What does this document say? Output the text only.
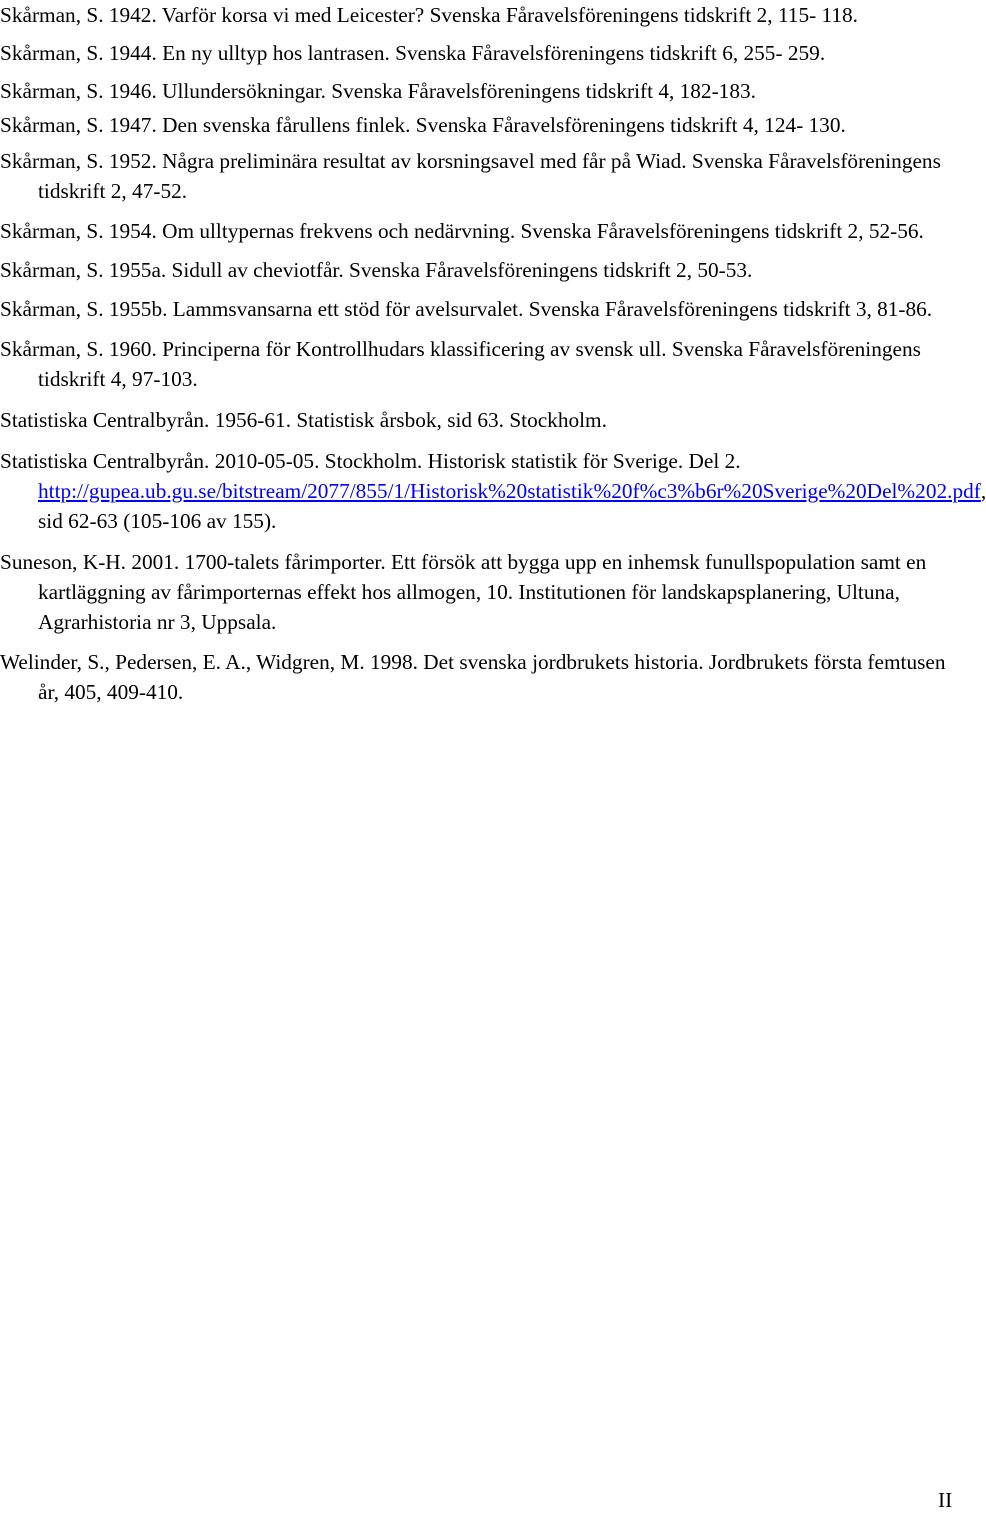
Skårman, S. 1942. Varför korsa vi med Leicester? Svenska Fåravelsföreningens tidskrift 2, 115- 118.
Skårman, S. 1944. En ny ulltyp hos lantrasen. Svenska Fåravelsföreningens tidskrift 6, 255- 259.
Skårman, S. 1946. Ullundersökningar. Svenska Fåravelsföreningens tidskrift 4, 182-183.
Skårman, S. 1947. Den svenska fårullens finlek. Svenska Fåravelsföreningens tidskrift 4, 124- 130.
Skårman, S. 1952. Några preliminära resultat av korsningsavel med får på Wiad. Svenska Fåravelsföreningens tidskrift 2, 47-52.
Skårman, S. 1954. Om ulltypernas frekvens och nedärvning. Svenska Fåravelsföreningens tidskrift 2, 52-56.
Skårman, S. 1955a. Sidull av cheviotfår. Svenska Fåravelsföreningens tidskrift 2, 50-53.
Skårman, S. 1955b. Lammsvansarna ett stöd för avelsurvalet. Svenska Fåravelsföreningens tidskrift 3, 81-86.
Skårman, S. 1960. Principerna för Kontrollhudars klassificering av svensk ull. Svenska Fåravelsföreningens tidskrift 4, 97-103.
Statistiska Centralbyrån. 1956-61. Statistisk årsbok, sid 63. Stockholm.
Statistiska Centralbyrån. 2010-05-05. Stockholm. Historisk statistik för Sverige. Del 2. http://gupea.ub.gu.se/bitstream/2077/855/1/Historisk%20statistik%20f%c3%b6r%20Sverige%20Del%202.pdf, sid 62-63 (105-106 av 155).
Suneson, K-H. 2001. 1700-talets fårimporter. Ett försök att bygga upp en inhemsk funullspopulation samt en kartläggning av fårimporternas effekt hos allmogen, 10. Institutionen för landskapsplanering, Ultuna, Agrarhistoria nr 3, Uppsala.
Welinder, S., Pedersen, E. A., Widgren, M. 1998. Det svenska jordbrukets historia. Jordbrukets första femtusen år, 405, 409-410.
II
